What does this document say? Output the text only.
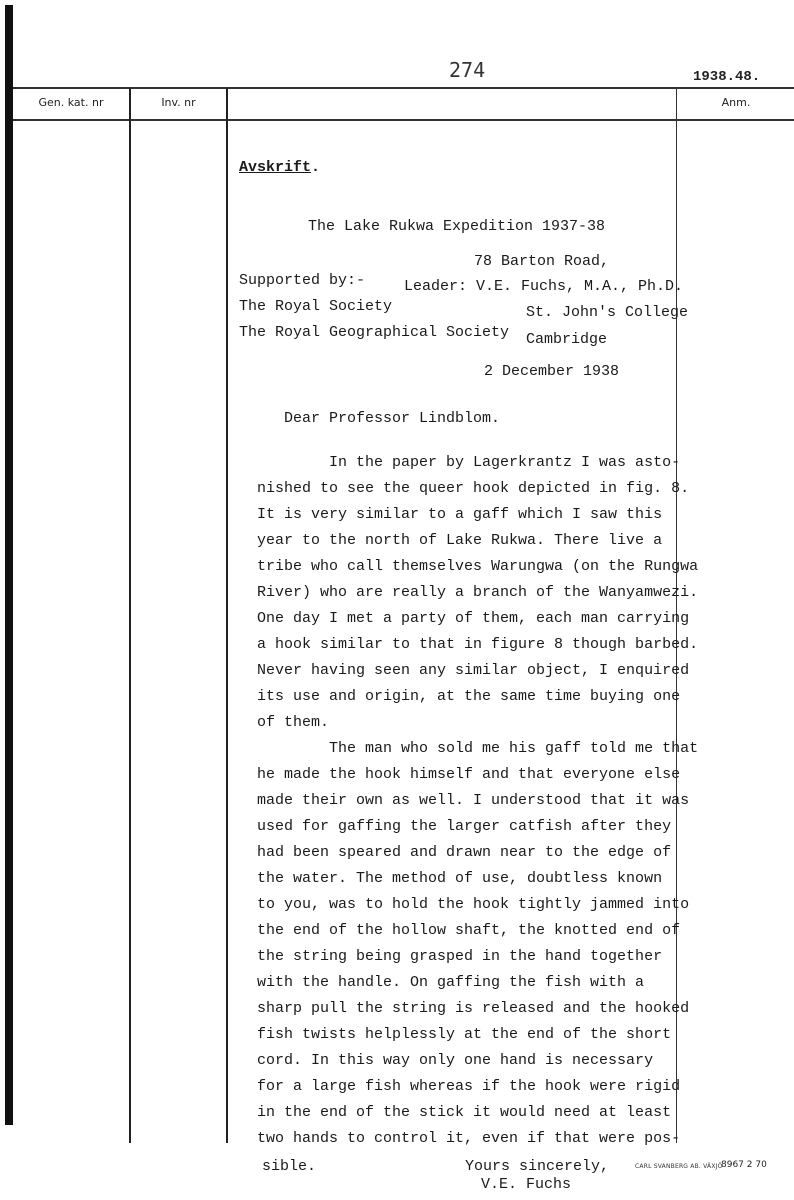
274	1938.48.
Gen. kat. nr	Inv. nr	Anm.
Avskrift.
The Lake Rukwa Expedition 1937-38
78 Barton Road,
Supported by:-	Leader: V.E. Fuchs, M.A., Ph.D.
The Royal Society	St. John's College
The Royal Geographical Society Cambridge
2 December 1938
Dear Professor Lindblom.
In the paper by Lagerkrantz I was asto-
nished to see the queer hook depicted in fig. 8.
It is very similar to a gaff which I saw this
year to the north of Lake Rukwa. There live a
tribe who call themselves Warungwa (on the Rungwa
River) who are really a branch of the Wanyamwezi.
One day I met a party of them, each man carrying
a hook similar to that in figure 8 though barbed.
Never having seen any similar object, I enquired
its use and origin, at the same time buying one
of them.
The man who sold me his gaff told me that
he made the hook himself and that everyone else
made their own as well. I understood that it was
used for gaffing the larger catfish after they
had been speared and drawn near to the edge of
the water. The method of use, doubtless known
to you, was to hold the hook tightly jammed into
the end of the hollow shaft, the knotted end of
the string being grasped in the hand together
with the handle. On gaffing the fish with a
sharp pull the string is released and the hooked
fish twists helplessly at the end of the short
cord. In this way only one hand is necessary
for a large fish whereas if the hook were rigid
in the end of the stick it would need at least
two hands to control it, even if that were pos-
sible.	Yours sincerely,
V.E. Fuchs
CARL SVANBERG AB. VÄXJÖ
8967 2 70
